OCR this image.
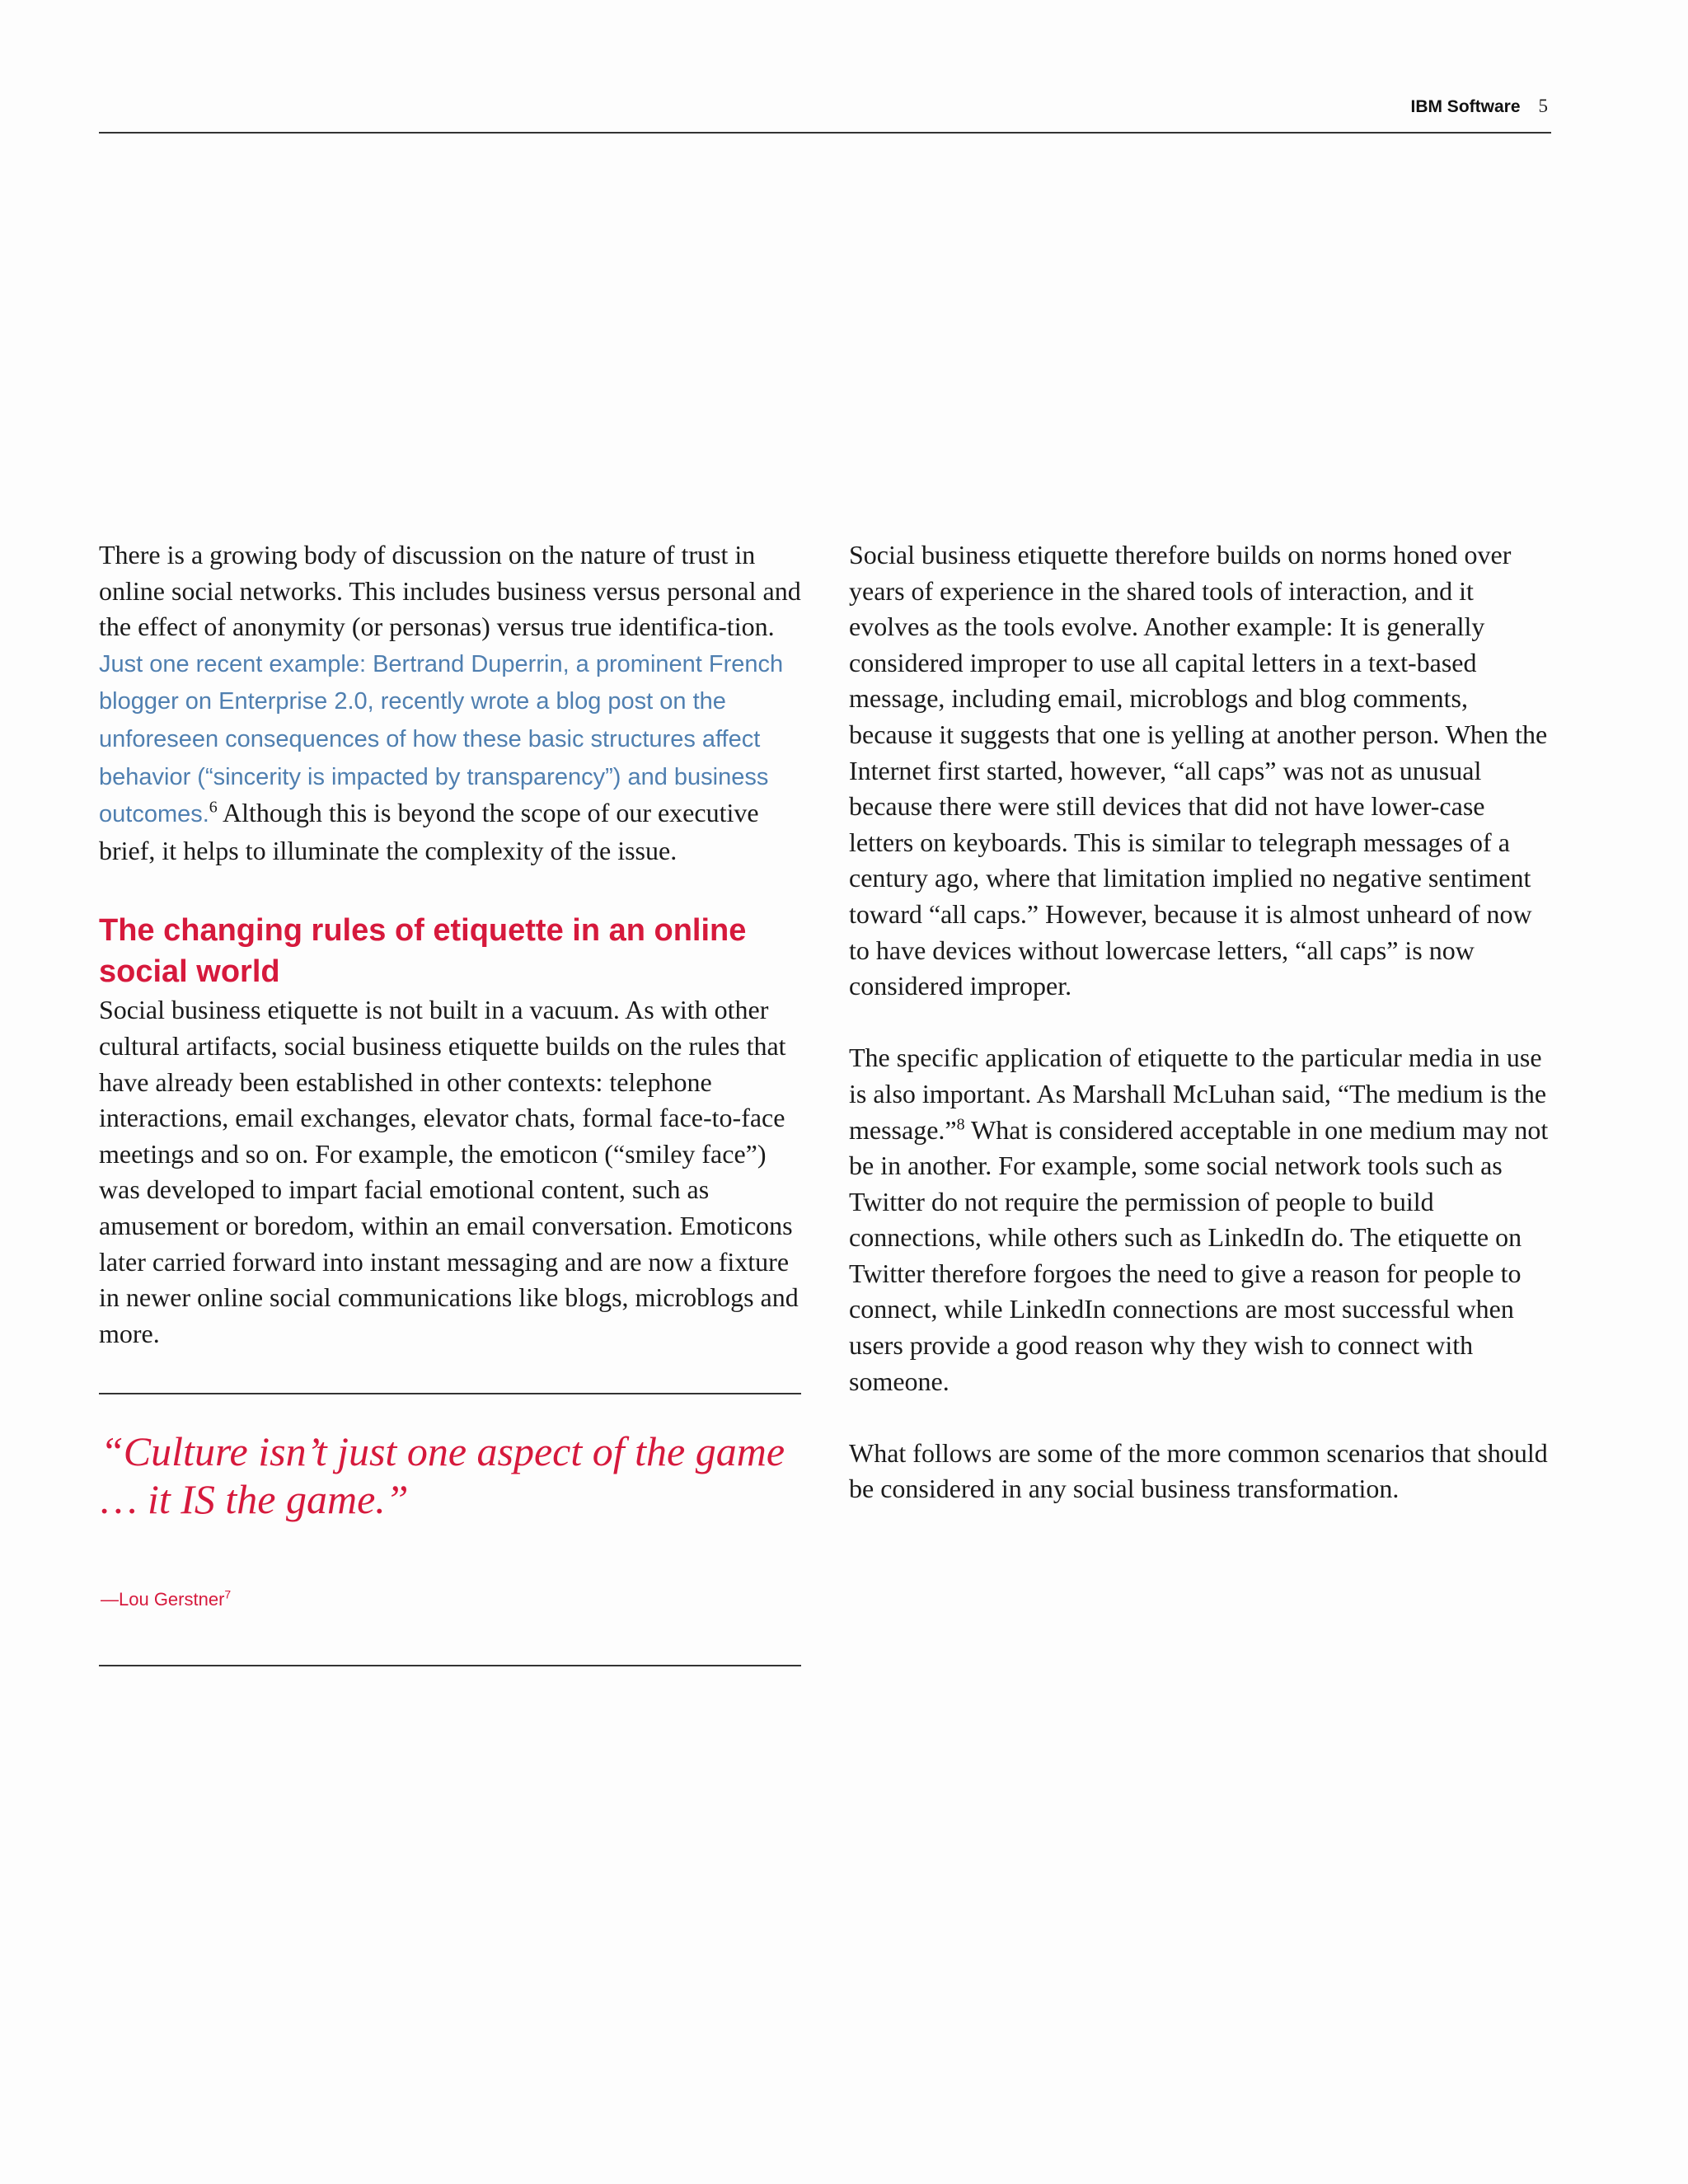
IBM Software 5

There is a growing body of discussion on the nature of trust in online social networks. This includes business versus personal and the effect of anonymity (or personas) versus true identifica-tion. Just one recent example: Bertrand Duperrin, a prominent French blogger on Enterprise 2.0, recently wrote a blog post on the unforeseen consequences of how these basic structures affect behavior (“sincerity is impacted by transparency”) and business outcomes.$^6$ Although this is beyond the scope of our executive brief, it helps to illuminate the complexity of the issue.

The changing rules of etiquette in an online social world

Social business etiquette is not built in a vacuum. As with other cultural artifacts, social business etiquette builds on the rules that have already been established in other contexts: telephone interactions, email exchanges, elevator chats, formal face-to-face meetings and so on. For example, the emoticon (“smiley face”) was developed to impart facial emotional content, such as amusement or boredom, within an email conversation. Emoticons later carried forward into instant messaging and are now a fixture in newer online social communications like blogs, microblogs and more.

“Culture isn’t just one aspect of the game … it IS the game.”

—Lou Gerstner$^7$

Social business etiquette therefore builds on norms honed over years of experience in the shared tools of interaction, and it evolves as the tools evolve. Another example: It is generally considered improper to use all capital letters in a text-based message, including email, microblogs and blog comments, because it suggests that one is yelling at another person. When the Internet first started, however, “all caps” was not as unusual because there were still devices that did not have lower-case letters on keyboards. This is similar to telegraph messages of a century ago, where that limitation implied no negative sentiment toward “all caps.” However, because it is almost unheard of now to have devices without lowercase letters, “all caps” is now considered improper.

The specific application of etiquette to the particular media in use is also important. As Marshall McLuhan said, “The medium is the message.”$^8$ What is considered acceptable in one medium may not be in another. For example, some social network tools such as Twitter do not require the permission of people to build connections, while others such as LinkedIn do. The etiquette on Twitter therefore forgoes the need to give a reason for people to connect, while LinkedIn connections are most successful when users provide a good reason why they wish to connect with someone.

What follows are some of the more common scenarios that should be considered in any social business transformation.
